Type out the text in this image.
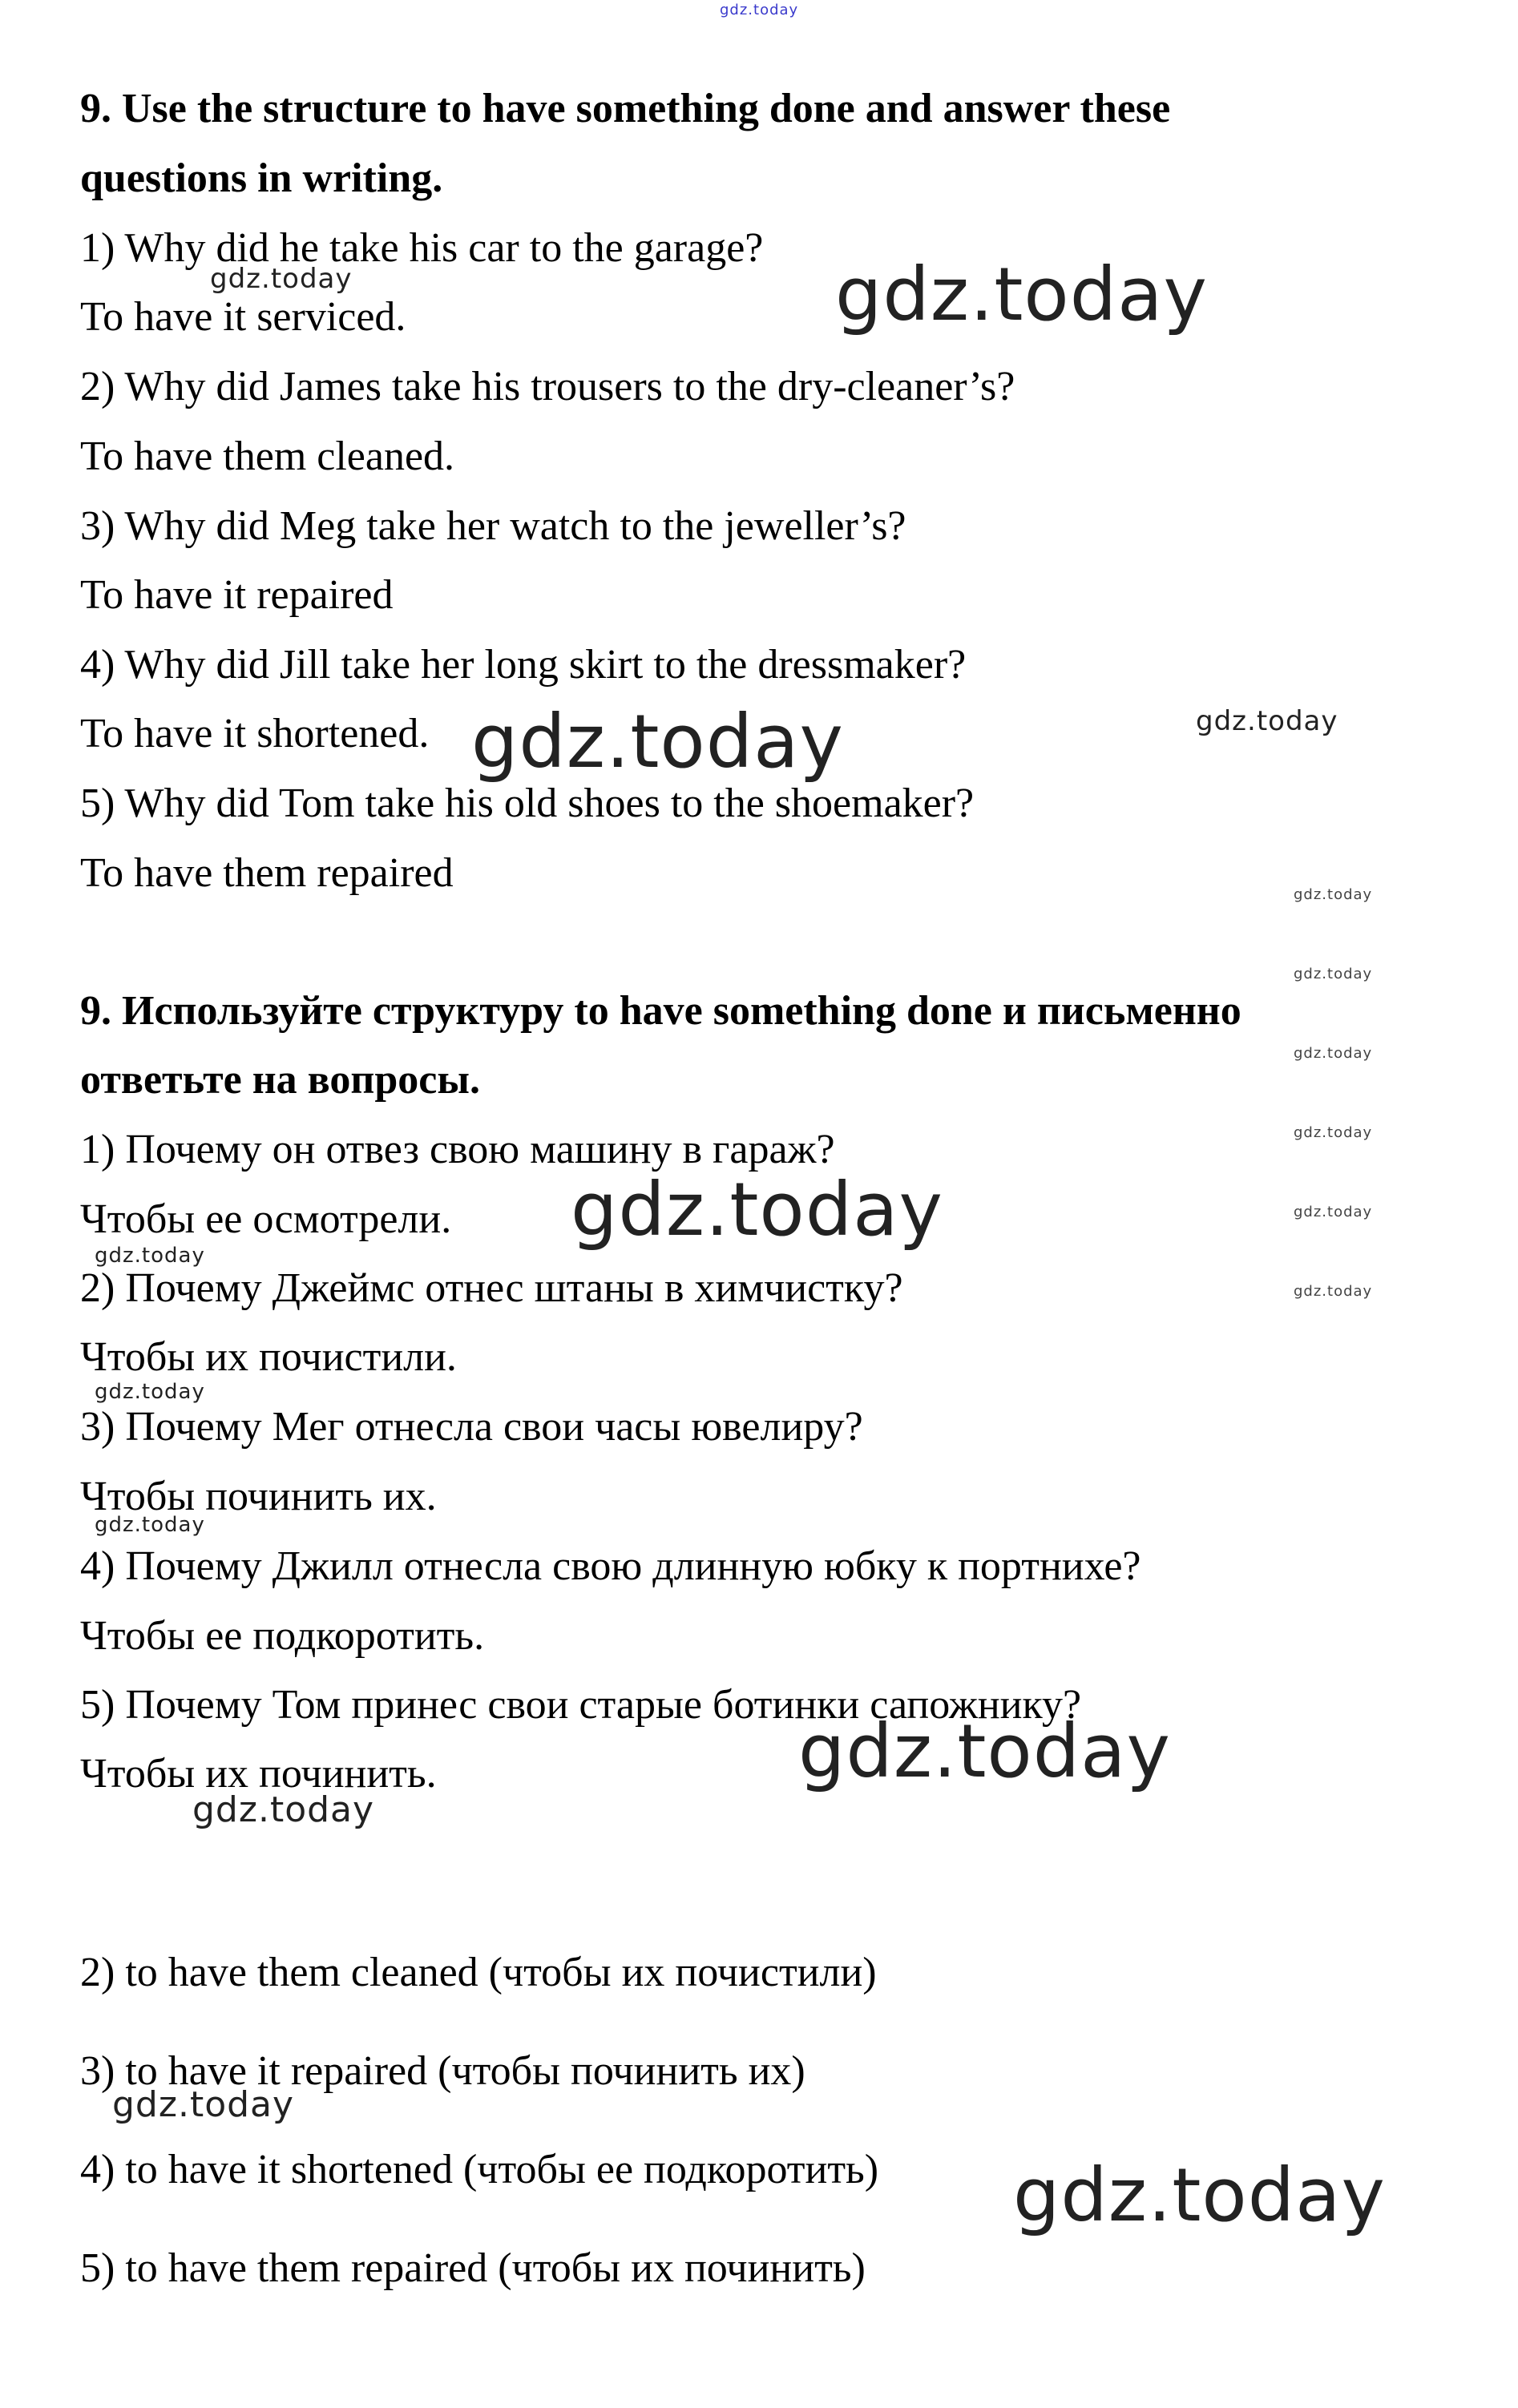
gdz.today
9. Use the structure to have something done and answer these
questions in writing.
1) Why did he take his car to the garage?
To have it serviced.
2) Why did James take his trousers to the dry-cleaner’s?
To have them cleaned.
3) Why did Meg take her watch to the jeweller’s?
To have it repaired
4) Why did Jill take her long skirt to the dressmaker?
To have it shortened.
5) Why did Tom take his old shoes to the shoemaker?
To have them repaired
9. Используйте структуру to have something done и письменно
ответьте на вопросы.
1) Почему он отвез свою машину в гараж?
Чтобы ее осмотрели.
2) Почему Джеймс отнес штаны в химчистку?
Чтобы их почистили.
3) Почему Мег отнесла свои часы ювелиру?
Чтобы починить их.
4) Почему Джилл отнесла свою длинную юбку к портнихе?
Чтобы ее подкоротить.
5) Почему Том принес свои старые ботинки сапожнику?
Чтобы их починить.
2) to have them cleaned (чтобы их почистили)
3) to have it repaired (чтобы починить их)
4) to have it shortened (чтобы ее подкоротить)
5) to have them repaired (чтобы их починить)
gdz.today	gdz.today
gdz.today
gdz.today
gdz.today
gdz.today
gdz.today
gdz.today
gdz.today
gdz.today
gdz.today
gdz.today
gdz.today
gdz.today
gdz.today
gdz.today
gdz.today
gdz.today
